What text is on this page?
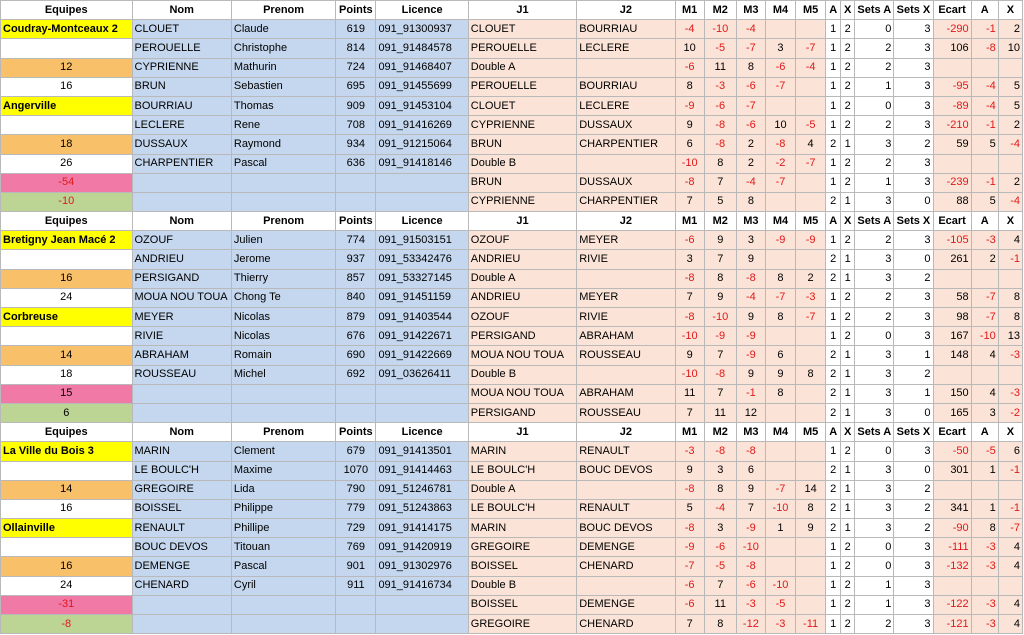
Equipes	Nom	Prenom	Points	Licence	J1	J2	M1	M2	M3	M4	M5	A	X	Sets A	Sets X	Ecart	A	X
Coudray-Montceaux 2	CLOUET	Claude	619	091_91300937	CLOUET	BOURRIAU	-4	-10	-4			1	2	0	3	-290	-1	2
	PEROUELLE	Christophe	814	091_91484578	PEROUELLE	LECLERE	10	-5	-7	3	-7	1	2	2	3	106	-8	10
12	CYPRIENNE	Mathurin	724	091_91468407	Double A		-6	11	8	-6	-4	1	2	2	3			
16	BRUN	Sebastien	695	091_91455699	PEROUELLE	BOURRIAU	8	-3	-6	-7		1	2	1	3	-95	-4	5
Angerville	BOURRIAU	Thomas	909	091_91453104	CLOUET	LECLERE	-9	-6	-7			1	2	0	3	-89	-4	5
	LECLERE	Rene	708	091_91416269	CYPRIENNE	DUSSAUX	9	-8	-6	10	-5	1	2	2	3	-210	-1	2
18	DUSSAUX	Raymond	934	091_91215064	BRUN	CHARPENTIER	6	-8	2	-8	4	2	1	3	2	59	5	-4
26	CHARPENTIER	Pascal	636	091_91418146	Double B		-10	8	2	-2	-7	1	2	2	3			
-54					BRUN	DUSSAUX	-8	7	-4	-7		1	2	1	3	-239	-1	2
-10					CYPRIENNE	CHARPENTIER	7	5	8			2	1	3	0	88	5	-4
Equipes	Nom	Prenom	Points	Licence	J1	J2	M1	M2	M3	M4	M5	A	X	Sets A	Sets X	Ecart	A	X
Bretigny Jean Macé 2	OZOUF	Julien	774	091_91503151	OZOUF	MEYER	-6	9	3	-9	-9	1	2	2	3	-105	-3	4
	ANDRIEU	Jerome	937	091_53342476	ANDRIEU	RIVIE	3	7	9			2	1	3	0	261	2	-1
16	PERSIGAND	Thierry	857	091_53327145	Double A		-8	8	-8	8	2	2	1	3	2			
24	MOUA NOU TOUA	Chong Te	840	091_91451159	ANDRIEU	MEYER	7	9	-4	-7	-3	1	2	2	3	58	-7	8
Corbreuse	MEYER	Nicolas	879	091_91403544	OZOUF	RIVIE	-8	-10	9	8	-7	1	2	2	3	98	-7	8
	RIVIE	Nicolas	676	091_91422671	PERSIGAND	ABRAHAM	-10	-9	-9			1	2	0	3	167	-10	13
14	ABRAHAM	Romain	690	091_91422669	MOUA NOU TOUA	ROUSSEAU	9	7	-9	6		2	1	3	1	148	4	-3
18	ROUSSEAU	Michel	692	091_03626411	Double B		-10	-8	9	9	8	2	1	3	2			
15					MOUA NOU TOUA	ABRAHAM	11	7	-1	8		2	1	3	1	150	4	-3
6					PERSIGAND	ROUSSEAU	7	11	12			2	1	3	0	165	3	-2
Equipes	Nom	Prenom	Points	Licence	J1	J2	M1	M2	M3	M4	M5	A	X	Sets A	Sets X	Ecart	A	X
La Ville du Bois 3	MARIN	Clement	679	091_91413501	MARIN	RENAULT	-3	-8	-8			1	2	0	3	-50	-5	6
	LE BOULC'H	Maxime	1070	091_91414463	LE BOULC'H	BOUC DEVOS	9	3	6			2	1	3	0	301	1	-1
14	GREGOIRE	Lida	790	091_51246781	Double A		-8	8	9	-7	14	2	1	3	2			
16	BOISSEL	Philippe	779	091_51243863	LE BOULC'H	RENAULT	5	-4	7	-10	8	2	1	3	2	341	1	-1
Ollainville	RENAULT	Phillipe	729	091_91414175	MARIN	BOUC DEVOS	-8	3	-9	1	9	2	1	3	2	-90	8	-7
	BOUC DEVOS	Titouan	769	091_91420919	GREGOIRE	DEMENGE	-9	-6	-10			1	2	0	3	-111	-3	4
16	DEMENGE	Pascal	901	091_91302976	BOISSEL	CHENARD	-7	-5	-8			1	2	0	3	-132	-3	4
24	CHENARD	Cyril	911	091_91416734	Double B		-6	7	-6	-10		1	2	1	3			
-31					BOISSEL	DEMENGE	-6	11	-3	-5		1	2	1	3	-122	-3	4
-8					GREGOIRE	CHENARD	7	8	-12	-3	-11	1	2	2	3	-121	-3	4
